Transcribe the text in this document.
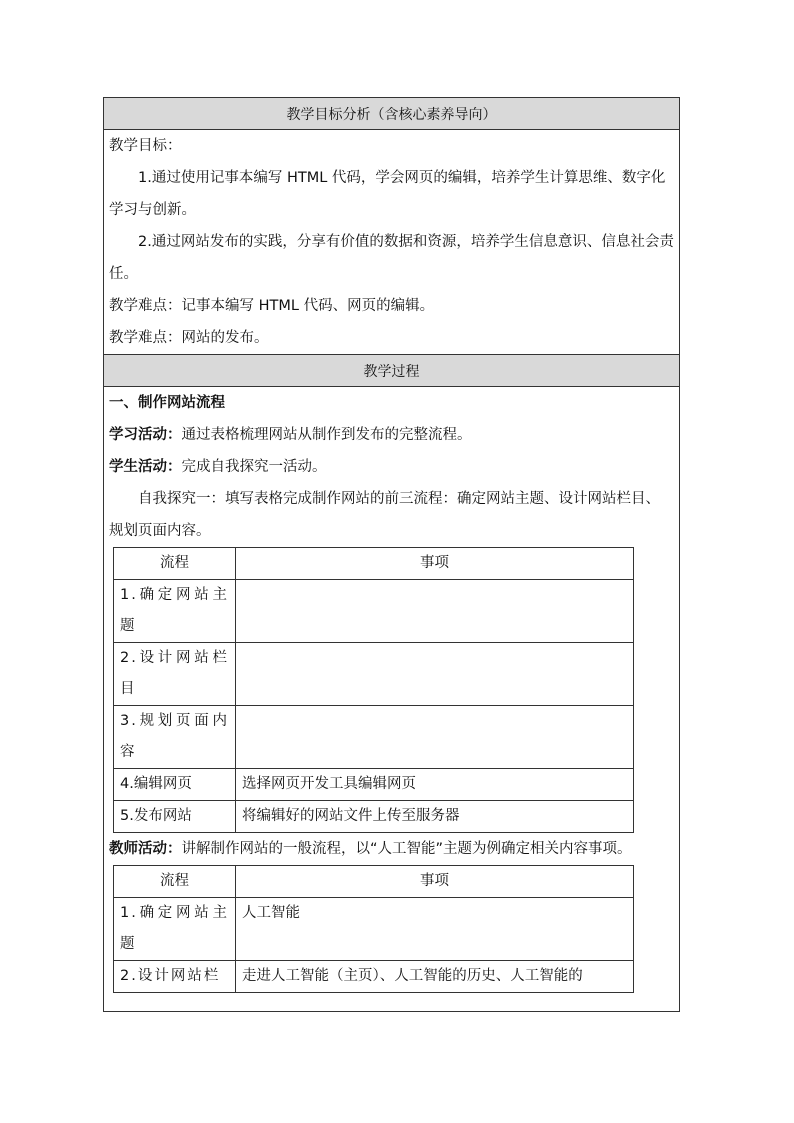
教学目标分析（含核心素养导向）

教学目标：

1.通过使用记事本编写 HTML 代码，学会网页的编辑，培养学生计算思维、数字化学习与创新。

2.通过网站发布的实践，分享有价值的数据和资源，培养学生信息意识、信息社会责任。

教学难点：记事本编写 HTML 代码、网页的编辑。

教学难点：网站的发布。

教学过程

一、制作网站流程

学习活动：通过表格梳理网站从制作到发布的完整流程。

学生活动：完成自我探究一活动。

自我探究一：填写表格完成制作网站的前三流程：确定网站主题、设计网站栏目、规划页面内容。

流程	事项
1.确定网站主题	
2.设计网站栏目	
3.规划页面内容	
4.编辑网页	选择网页开发工具编辑网页
5.发布网站	将编辑好的网站文件上传至服务器

教师活动：讲解制作网站的一般流程，以“人工智能”主题为例确定相关内容事项。

流程	事项
1.确定网站主题	人工智能
2.设计网站栏	走进人工智能（主页）、人工智能的历史、人工智能的
